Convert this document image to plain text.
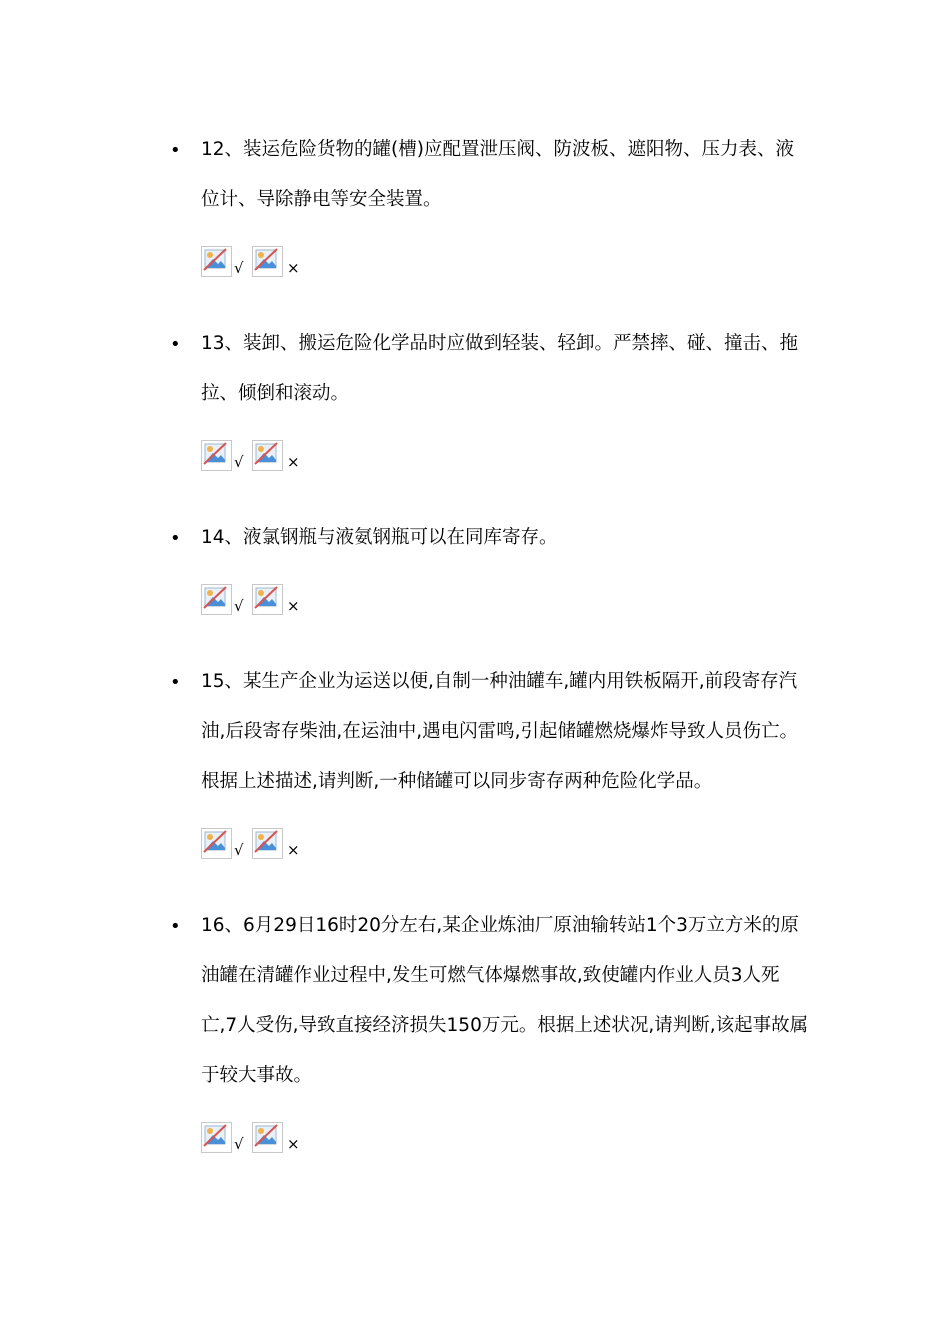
• 12、装运危险货物的罐(槽)应配置泄压阀、防波板、遮阳物、压力表、液位计、导除静电等安全装置。

√	×
• 13、装卸、搬运危险化学品时应做到轻装、轻卸。严禁摔、碰、撞击、拖拉、倾倒和滚动。

√	×
• 14、液氯钢瓶与液氨钢瓶可以在同库寄存。

√	×
• 15、某生产企业为运送以便,自制一种油罐车,罐内用铁板隔开,前段寄存汽油,后段寄存柴油,在运油中,遇电闪雷鸣,引起储罐燃烧爆炸导致人员伤亡。根据上述描述,请判断,一种储罐可以同步寄存两种危险化学品。

√	×
• 16、6月29日16时20分左右,某企业炼油厂原油输转站1个3万立方米的原油罐在清罐作业过程中,发生可燃气体爆燃事故,致使罐内作业人员3人死亡,7人受伤,导致直接经济损失150万元。根据上述状况,请判断,该起事故属于较大事故。

√	×
